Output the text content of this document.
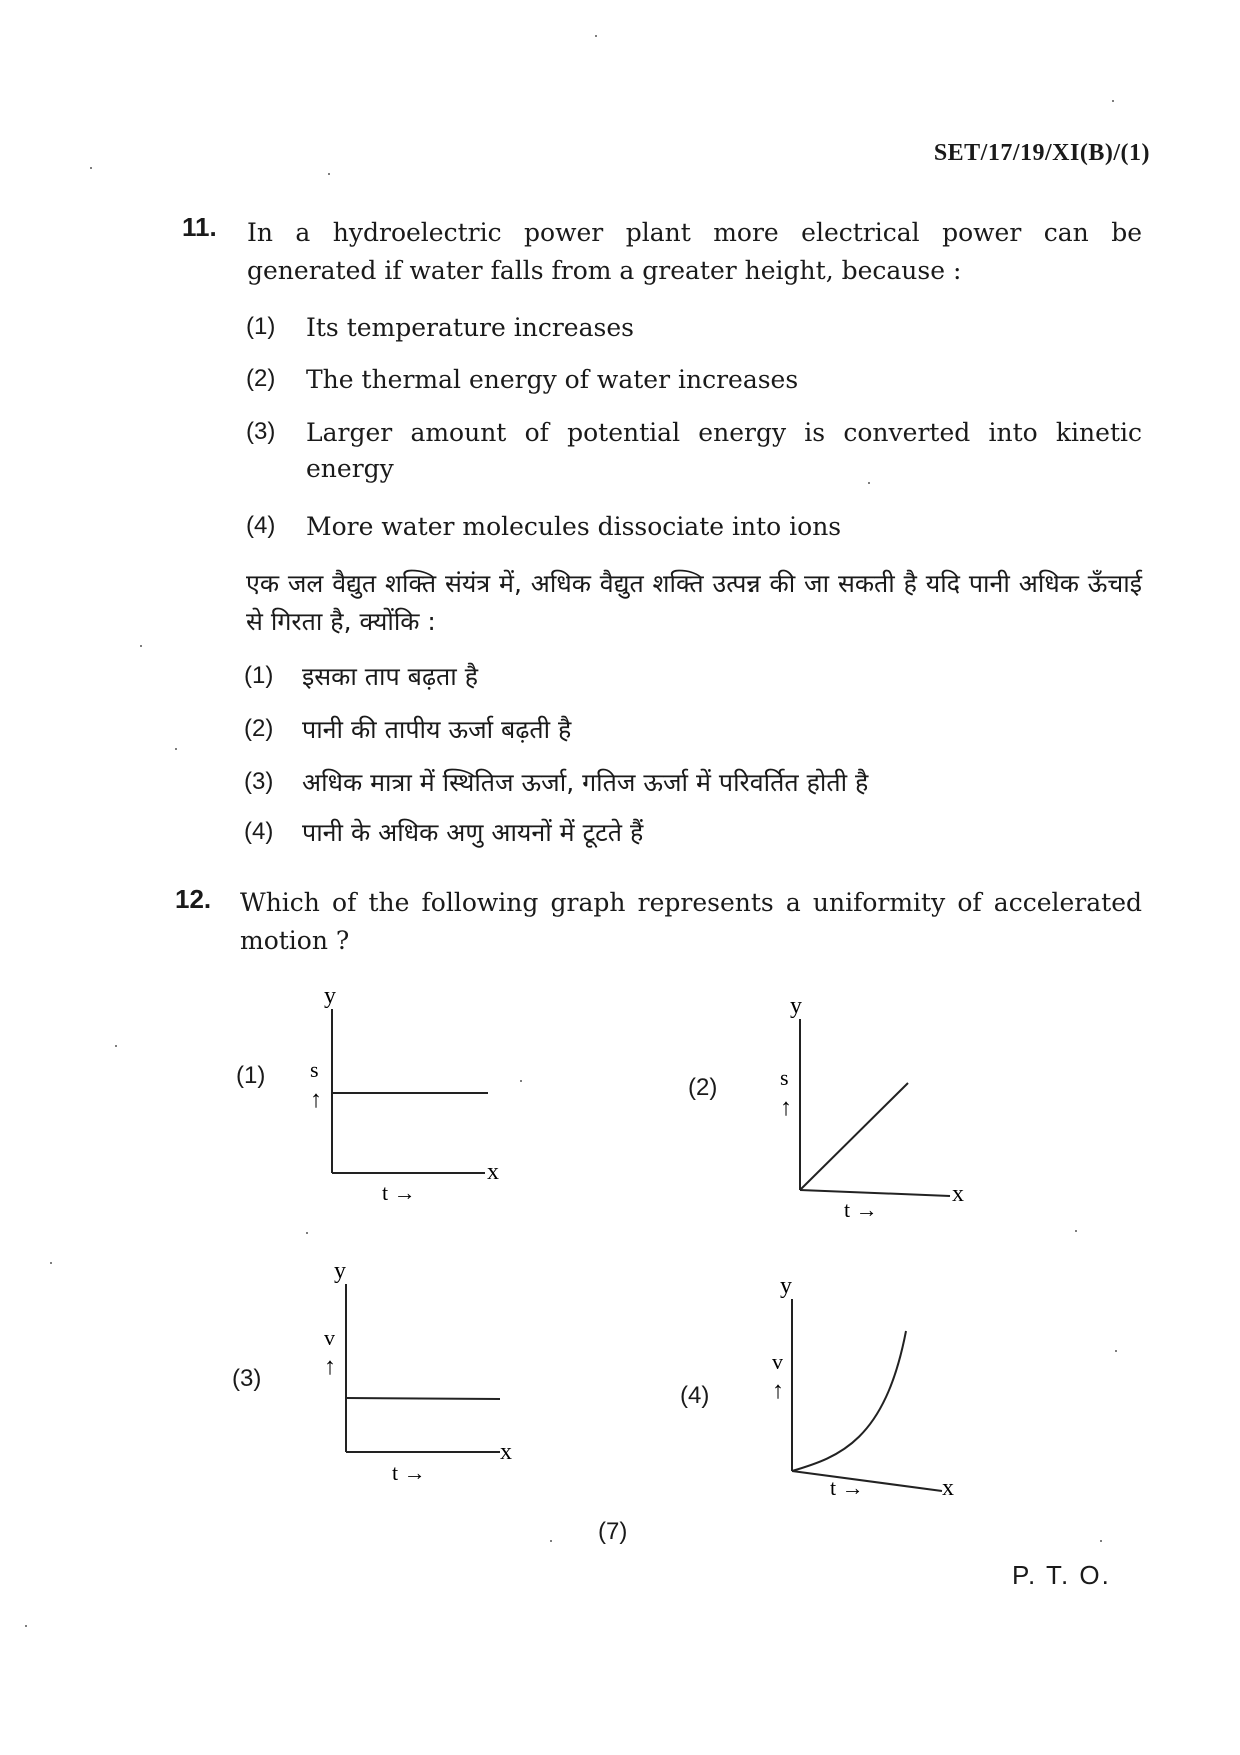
SET/17/19/XI(B)/(1)
11. In a hydroelectric power plant more electrical power can be generated if water falls from a greater height, because :
(1) Its temperature increases
(2) The thermal energy of water increases
(3) Larger amount of potential energy is converted into kinetic energy
(4) More water molecules dissociate into ions
एक जल वैद्युत शक्ति संयंत्र में, अधिक वैद्युत शक्ति उत्पन्न की जा सकती है यदि पानी अधिक ऊँचाई से गिरता है, क्योंकि :
(1) इसका ताप बढ़ता है
(2) पानी की तापीय ऊर्जा बढ़ती है
(3) अधिक मात्रा में स्थितिज ऊर्जा, गतिज ऊर्जा में परिवर्तित होती है
(4) पानी के अधिक अणु आयनों में टूटते हैं
12. Which of the following graph represents a uniformity of accelerated motion ?
(1)	(2)
(3)
(4)
y
s
↑
x
t →
y
s
↑
x
t →
y
v
↑
x
t →
y
v
↑
x
t →
(7)
P. T. O.
